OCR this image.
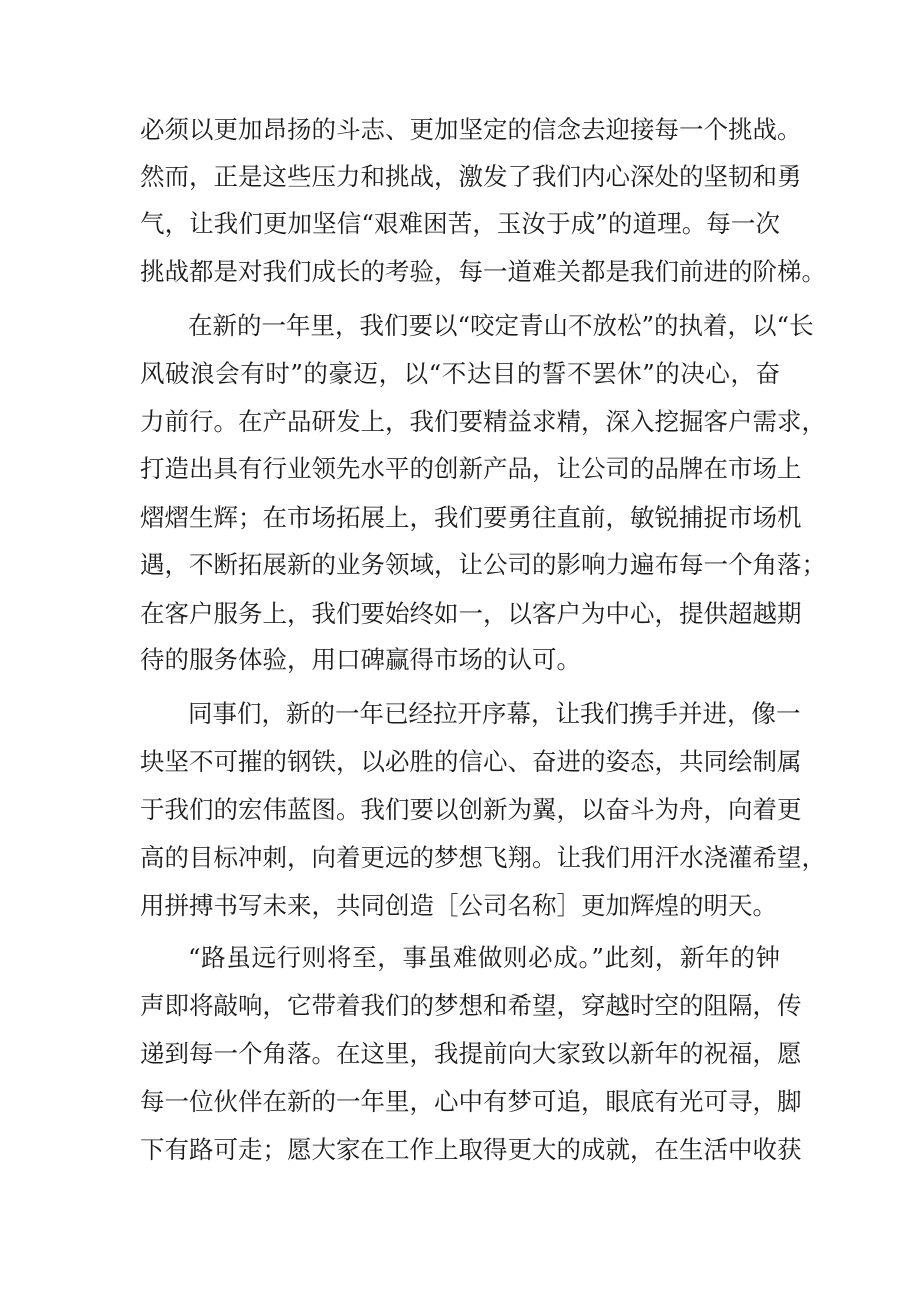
必须以更加昂扬的斗志、更加坚定的信念去迎接每一个挑战。
然而，正是这些压力和挑战，激发了我们内心深处的坚韧和勇
气，让我们更加坚信“艰难困苦，玉汝于成”的道理。每一次
挑战都是对我们成长的考验，每一道难关都是我们前进的阶梯。
在新的一年里，我们要以“咬定青山不放松”的执着，以“长
风破浪会有时”的豪迈，以“不达目的誓不罢休”的决心，奋
力前行。在产品研发上，我们要精益求精，深入挖掘客户需求，
打造出具有行业领先水平的创新产品，让公司的品牌在市场上
熠熠生辉；在市场拓展上，我们要勇往直前，敏锐捕捉市场机
遇，不断拓展新的业务领域，让公司的影响力遍布每一个角落；
在客户服务上，我们要始终如一，以客户为中心，提供超越期
待的服务体验，用口碑赢得市场的认可。
同事们，新的一年已经拉开序幕，让我们携手并进，像一
块坚不可摧的钢铁，以必胜的信心、奋进的姿态，共同绘制属
于我们的宏伟蓝图。我们要以创新为翼，以奋斗为舟，向着更
高的目标冲刺，向着更远的梦想飞翔。让我们用汗水浇灌希望，
用拼搏书写未来，共同创造［公司名称］更加辉煌的明天。
“路虽远行则将至，事虽难做则必成。”此刻，新年的钟
声即将敲响，它带着我们的梦想和希望，穿越时空的阻隔，传
递到每一个角落。在这里，我提前向大家致以新年的祝福，愿
每一位伙伴在新的一年里，心中有梦可追，眼底有光可寻，脚
下有路可走；愿大家在工作上取得更大的成就，在生活中收获
